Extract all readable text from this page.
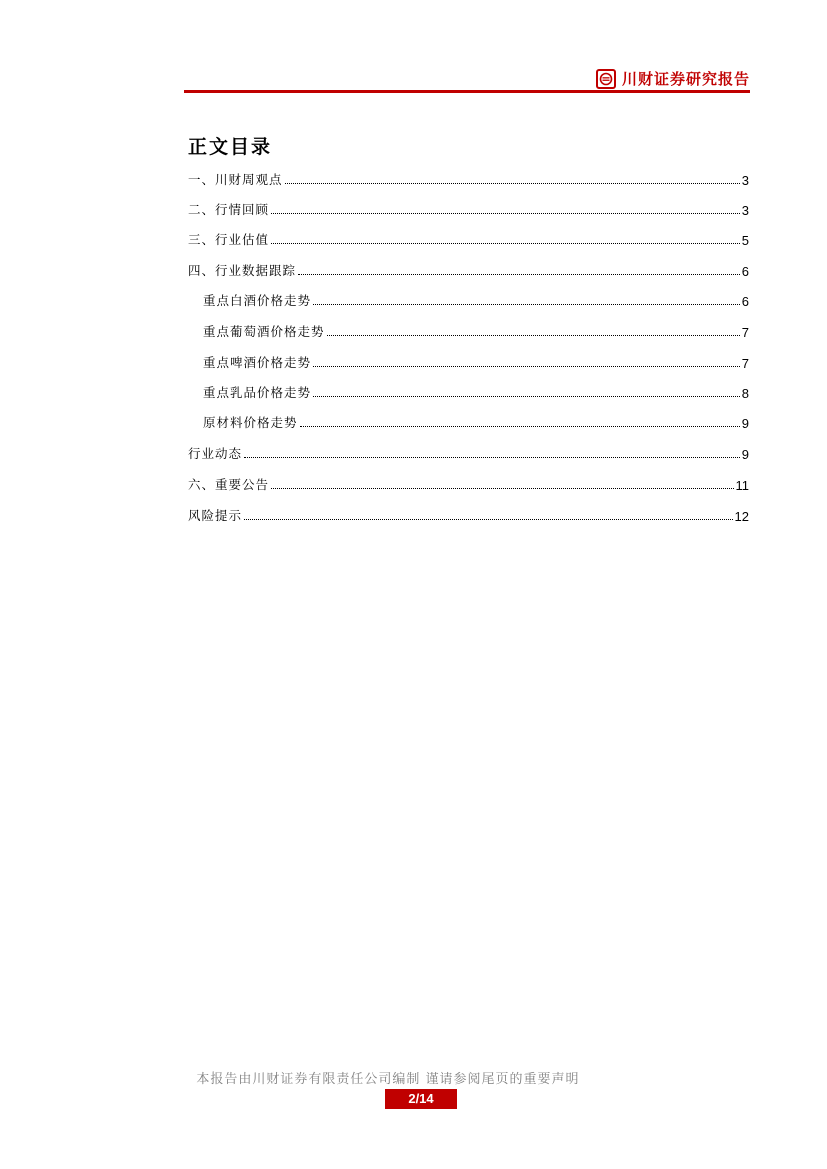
川财证券研究报告
正文目录
一、川财周观点	3
二、行情回顾	3
三、行业估值	5
四、行业数据跟踪	6
重点白酒价格走势	6
重点葡萄酒价格走势	7
重点啤酒价格走势	7
重点乳品价格走势	8
原材料价格走势	9
行业动态	9
六、重要公告	11
风险提示	12
本报告由川财证券有限责任公司编制 谨请参阅尾页的重要声明
2/14
